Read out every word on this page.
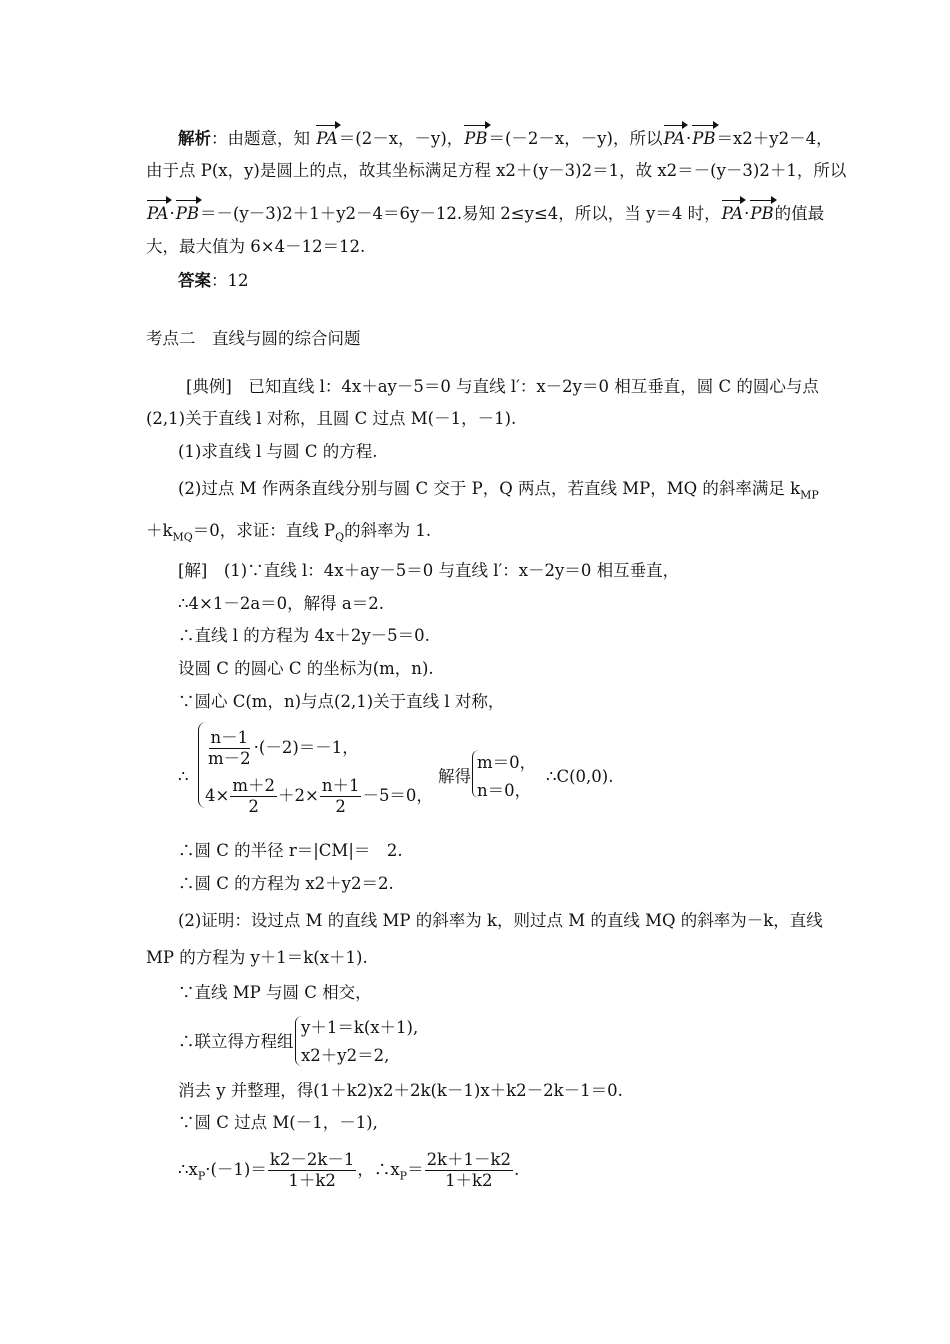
解析：由题意，知 PA＝(2－x，－y)，PB＝(－2－x，－y)，所以PA·PB＝x2＋y2－4，
由于点 P(x，y)是圆上的点，故其坐标满足方程 x2＋(y－3)2＝1，故 x2＝－(y－3)2＋1，所以
PA·PB＝－(y－3)2＋1＋y2－4＝6y－12.易知 2≤y≤4，所以，当 y＝4 时，PA·PB的值最
大，最大值为 6×4－12＝12.
答案：12
考点二　直线与圆的综合问题
[典例]　已知直线 l：4x＋ay－5＝0 与直线 l′：x－2y＝0 相互垂直，圆 C 的圆心与点
(2,1)关于直线 l 对称，且圆 C 过点 M(－1，－1).
(1)求直线 l 与圆 C 的方程.
(2)过点 M 作两条直线分别与圆 C 交于 P，Q 两点，若直线 MP，MQ 的斜率满足 $k_{MP}$
$+k_{MQ}=0$，求证：直线 $P_Q$的斜率为 1.
[解]　(1)∵直线 l：4x＋ay－5＝0 与直线 l′：x－2y＝0 相互垂直，
∴4×1－2a＝0，解得 a＝2.
∴直线 l 的方程为 4x＋2y－5＝0.
设圆 C 的圆心 C 的坐标为(m，n).
∵圆心 C(m，n)与点(2,1)关于直线 l 对称，
∴
$\frac{n-1}{m-2} \cdot(-2)=-1$，
$4\times \frac{m+2}{2} +2\times \frac{n+1}{2} -5=0$，
解得
m＝0，
n＝0，
∴C(0,0).
∴圆 C 的半径 r＝|CM|＝　2.
∴圆 C 的方程为 x2＋y2＝2.
(2)证明：设过点 M 的直线 MP 的斜率为 k，则过点 M 的直线 MQ 的斜率为－k，直线
MP 的方程为 y＋1＝k(x＋1).
∵直线 MP 与圆 C 相交，
∴联立得方程组
y＋1＝k(x＋1),
x2＋y2＝2,
消去 y 并整理，得(1＋k2)x2＋2k(k－1)x＋k2－2k－1＝0.
∵圆 C 过点 M(－1，－1),
$\therefore x_P\cdot(-1)= \frac{k2-2k-1}{1+k2}$ ，$\therefore x_P= \frac{2k+1-k2}{1+k2}$ .
